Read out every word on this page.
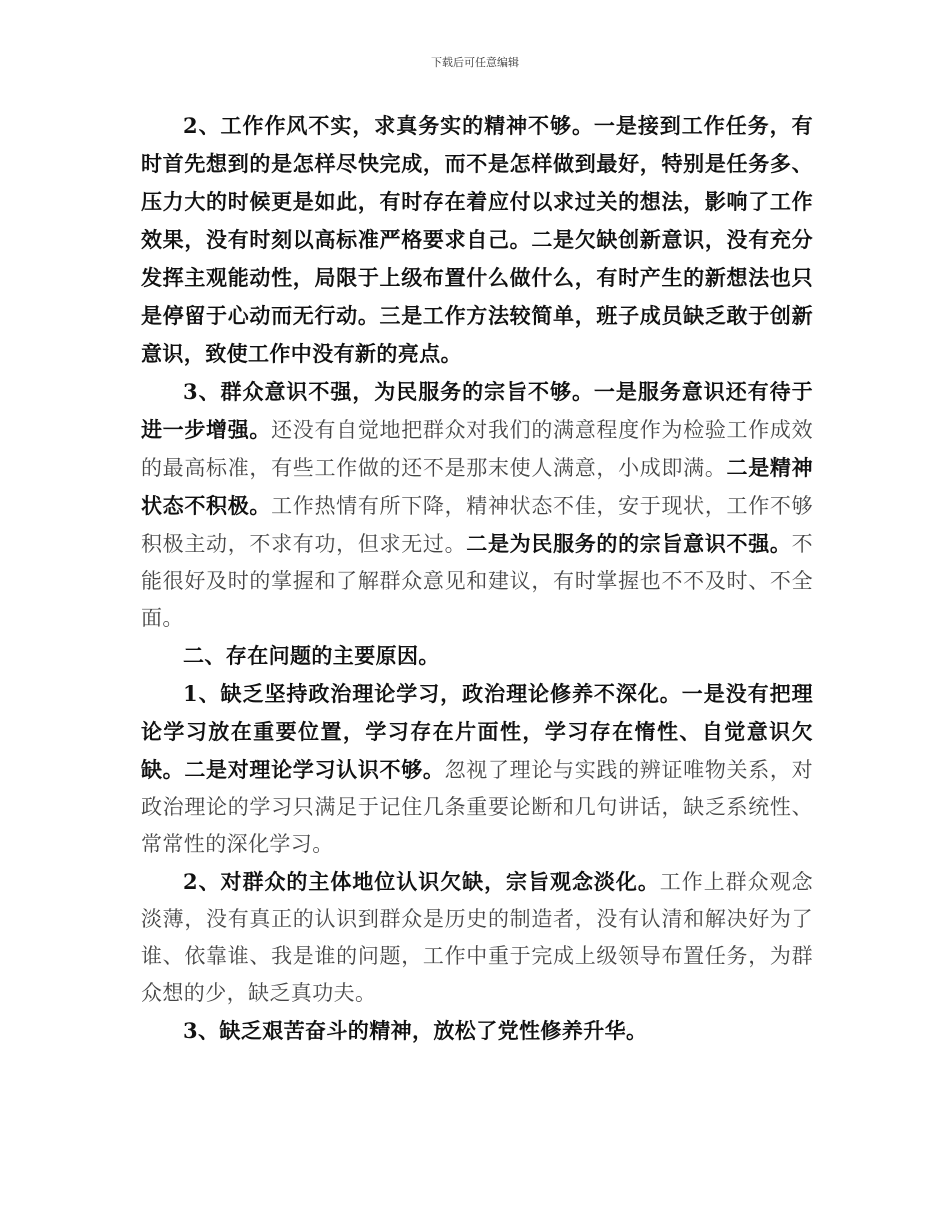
下载后可任意编辑

2、工作作风不实，求真务实的精神不够。一是接到工作任务，有时首先想到的是怎样尽快完成，而不是怎样做到最好，特别是任务多、压力大的时候更是如此，有时存在着应付以求过关的想法，影响了工作效果，没有时刻以高标准严格要求自己。二是欠缺创新意识，没有充分发挥主观能动性，局限于上级布置什么做什么，有时产生的新想法也只是停留于心动而无行动。三是工作方法较简单，班子成员缺乏敢于创新意识，致使工作中没有新的亮点。

3、群众意识不强，为民服务的宗旨不够。一是服务意识还有待于进一步增强。还没有自觉地把群众对我们的满意程度作为检验工作成效的最高标准，有些工作做的还不是那末使人满意，小成即满。二是精神状态不积极。工作热情有所下降，精神状态不佳，安于现状，工作不够积极主动，不求有功，但求无过。二是为民服务的的宗旨意识不强。不能很好及时的掌握和了解群众意见和建议，有时掌握也不不及时、不全面。

二、存在问题的主要原因。

1、缺乏坚持政治理论学习，政治理论修养不深化。一是没有把理论学习放在重要位置，学习存在片面性，学习存在惰性、自觉意识欠缺。二是对理论学习认识不够。忽视了理论与实践的辨证唯物关系，对政治理论的学习只满足于记住几条重要论断和几句讲话，缺乏系统性、常常性的深化学习。

2、对群众的主体地位认识欠缺，宗旨观念淡化。工作上群众观念淡薄，没有真正的认识到群众是历史的制造者，没有认清和解决好为了谁、依靠谁、我是谁的问题，工作中重于完成上级领导布置任务，为群众想的少，缺乏真功夫。

3、缺乏艰苦奋斗的精神，放松了党性修养升华。
